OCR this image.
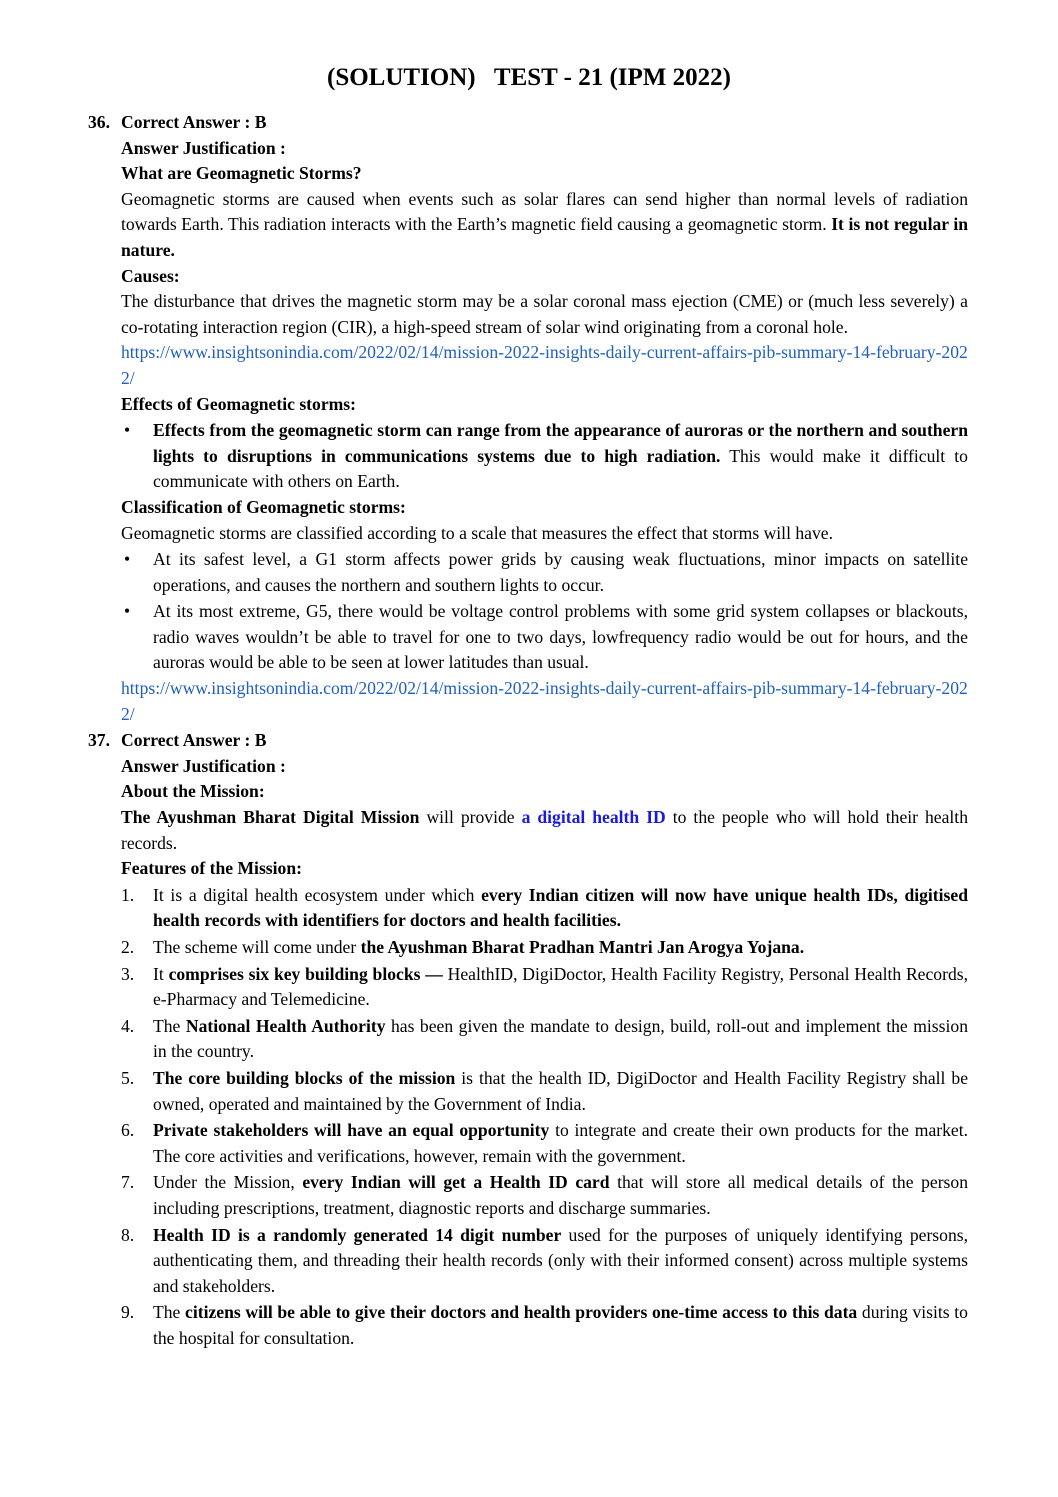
(SOLUTION)   TEST - 21 (IPM 2022)
36. Correct Answer : B
Answer Justification :
What are Geomagnetic Storms?
Geomagnetic storms are caused when events such as solar flares can send higher than normal levels of radiation towards Earth. This radiation interacts with the Earth’s magnetic field causing a geomagnetic storm. It is not regular in nature.
Causes:
The disturbance that drives the magnetic storm may be a solar coronal mass ejection (CME) or (much less severely) a co-rotating interaction region (CIR), a high-speed stream of solar wind originating from a coronal hole.
https://www.insightsonindia.com/2022/02/14/mission-2022-insights-daily-current-affairs-pib-summary-14-february-2022/
Effects of Geomagnetic storms:
• Effects from the geomagnetic storm can range from the appearance of auroras or the northern and southern lights to disruptions in communications systems due to high radiation. This would make it difficult to communicate with others on Earth.
Classification of Geomagnetic storms:
Geomagnetic storms are classified according to a scale that measures the effect that storms will have.
• At its safest level, a G1 storm affects power grids by causing weak fluctuations, minor impacts on satellite operations, and causes the northern and southern lights to occur.
• At its most extreme, G5, there would be voltage control problems with some grid system collapses or blackouts, radio waves wouldn’t be able to travel for one to two days, lowfrequency radio would be out for hours, and the auroras would be able to be seen at lower latitudes than usual.
https://www.insightsonindia.com/2022/02/14/mission-2022-insights-daily-current-affairs-pib-summary-14-february-2022/
37. Correct Answer : B
Answer Justification :
About the Mission:
The Ayushman Bharat Digital Mission will provide a digital health ID to the people who will hold their health records.
Features of the Mission:
1. It is a digital health ecosystem under which every Indian citizen will now have unique health IDs, digitised health records with identifiers for doctors and health facilities.
2. The scheme will come under the Ayushman Bharat Pradhan Mantri Jan Arogya Yojana.
3. It comprises six key building blocks — HealthID, DigiDoctor, Health Facility Registry, Personal Health Records, e-Pharmacy and Telemedicine.
4. The National Health Authority has been given the mandate to design, build, roll-out and implement the mission in the country.
5. The core building blocks of the mission is that the health ID, DigiDoctor and Health Facility Registry shall be owned, operated and maintained by the Government of India.
6. Private stakeholders will have an equal opportunity to integrate and create their own products for the market. The core activities and verifications, however, remain with the government.
7. Under the Mission, every Indian will get a Health ID card that will store all medical details of the person including prescriptions, treatment, diagnostic reports and discharge summaries.
8. Health ID is a randomly generated 14 digit number used for the purposes of uniquely identifying persons, authenticating them, and threading their health records (only with their informed consent) across multiple systems and stakeholders.
9. The citizens will be able to give their doctors and health providers one-time access to this data during visits to the hospital for consultation.
